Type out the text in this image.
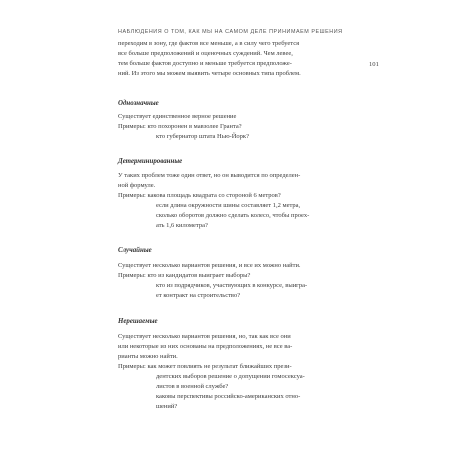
НАБЛЮДЕНИЯ О ТОМ, КАК МЫ НА САМОМ ДЕЛЕ ПРИНИМАЕМ РЕШЕНИЯ
101
переходим в зону, где фактов все меньше, а в силу чего требуется
все больше предположений и оценочных суждений. Чем левее,
тем больше фактов доступно и меньше требуется предположе-
ний. Из этого мы можем выявить четыре основных типа проблем.
Однозначные
Существует единственное верное решение
Примеры: кто похоронен в мавзолее Гранта?
кто губернатор штата Нью-Йорк?
Детерминированные
У таких проблем тоже один ответ, но он выводится по определен-
ной формуле.
Примеры: какова площадь квадрата со стороной 6 метров?
если длина окружности шины составляет 1,2 метра,
сколько оборотов должно сделать колесо, чтобы проех-
ать 1,6 километра?
Случайные
Существует несколько вариантов решения, и все их можно найти.
Примеры: кто из кандидатов выиграет выборы?
кто из подрядчиков, участвующих в конкурсе, выигра-
ет контракт на строительство?
Нерешаемые
Существует несколько вариантов решения, но, так как все они
или некоторые из них основаны на предположениях, не все ва-
рианты можно найти.
Примеры: как может повлиять не результат ближайших прези-
дентских выборов решение о допущении гомосексуа-
листов в военной службе?
каковы перспективы российско-американских отно-
шений?
